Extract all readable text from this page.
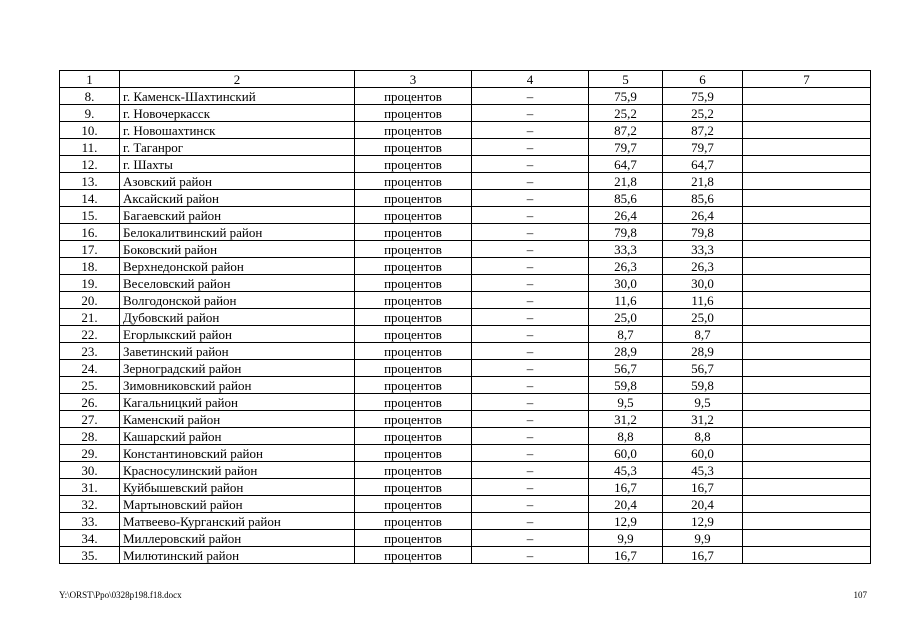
1	2	3	4	5	6	7
8.	г. Каменск-Шахтинский	процентов	–	75,9	75,9	
9.	г. Новочеркасск	процентов	–	25,2	25,2	
10.	г. Новошахтинск	процентов	–	87,2	87,2	
11.	г. Таганрог	процентов	–	79,7	79,7	
12.	г. Шахты	процентов	–	64,7	64,7	
13.	Азовский район	процентов	–	21,8	21,8	
14.	Аксайский район	процентов	–	85,6	85,6	
15.	Багаевский район	процентов	–	26,4	26,4	
16.	Белокалитвинский район	процентов	–	79,8	79,8	
17.	Боковский район	процентов	–	33,3	33,3	
18.	Верхнедонской район	процентов	–	26,3	26,3	
19.	Веселовский район	процентов	–	30,0	30,0	
20.	Волгодонской район	процентов	–	11,6	11,6	
21.	Дубовский район	процентов	–	25,0	25,0	
22.	Егорлыкский район	процентов	–	8,7	8,7	
23.	Заветинский район	процентов	–	28,9	28,9	
24.	Зерноградский район	процентов	–	56,7	56,7	
25.	Зимовниковский район	процентов	–	59,8	59,8	
26.	Кагальницкий район	процентов	–	9,5	9,5	
27.	Каменский район	процентов	–	31,2	31,2	
28.	Кашарский район	процентов	–	8,8	8,8	
29.	Константиновский район	процентов	–	60,0	60,0	
30.	Красносулинский район	процентов	–	45,3	45,3	
31.	Куйбышевский район	процентов	–	16,7	16,7	
32.	Мартыновский район	процентов	–	20,4	20,4	
33.	Матвеево-Курганский район	процентов	–	12,9	12,9	
34.	Миллеровский район	процентов	–	9,9	9,9	
35.	Милютинский район	процентов	–	16,7	16,7	
Y:\ORST\Ppo\0328p198.f18.docx	107
